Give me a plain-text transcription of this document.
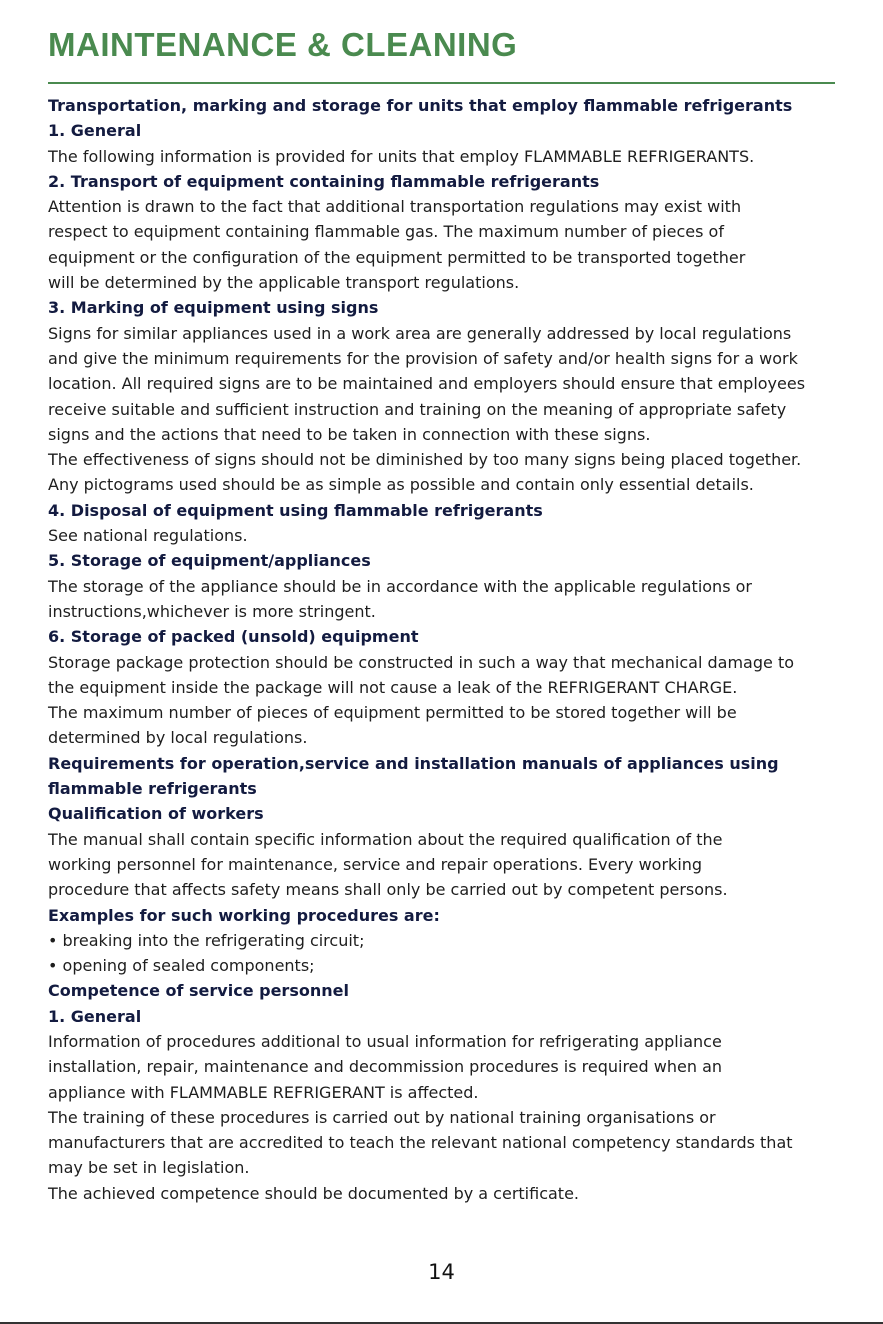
MAINTENANCE & CLEANING

Transportation, marking and storage for units that employ flammable refrigerants

1. General

The following information is provided for units that employ FLAMMABLE REFRIGERANTS.

2. Transport of equipment containing flammable refrigerants

Attention is drawn to the fact that additional transportation regulations may exist with

respect to equipment containing flammable gas. The maximum number of pieces of

equipment or the configuration of the equipment permitted to be transported together

will be determined by the applicable transport regulations.

3. Marking of equipment using signs

Signs for similar appliances used in a work area are generally addressed by local regulations

and give the minimum requirements for the provision of safety and/or health signs for a work

location. All required signs are to be maintained and employers should ensure that employees

receive suitable and sufficient instruction and training on the meaning of appropriate safety

signs and the actions that need to be taken in connection with these signs.

The effectiveness of signs should not be diminished by too many signs being placed together.

Any pictograms used should be as simple as possible and contain only essential details.

4. Disposal of equipment using flammable refrigerants

See national regulations.

5. Storage of equipment/appliances

The storage of the appliance should be in accordance with the applicable regulations or

instructions,whichever is more stringent.

6. Storage of packed (unsold) equipment

Storage package protection should be constructed in such a way that mechanical damage to

the equipment inside the package will not cause a leak of the REFRIGERANT CHARGE.

The maximum number of pieces of equipment permitted to be stored together will be

determined by local regulations.

Requirements for operation,service and installation manuals of appliances using

flammable refrigerants

Qualification of workers

The manual shall contain specific information about the required qualification of the

working personnel for maintenance, service and repair operations. Every working

procedure that affects safety means shall only be carried out by competent persons.

Examples for such working procedures are:

• breaking into the refrigerating circuit;

• opening of sealed components;

Competence of service personnel

1. General

Information of procedures additional to usual information for refrigerating appliance

installation, repair, maintenance and decommission procedures is required when an

appliance with FLAMMABLE REFRIGERANT is affected.

The training of these procedures is carried out by national training organisations or

manufacturers that are accredited to teach the relevant national competency standards that

may be set in legislation.

The achieved competence should be documented by a certificate.

14
